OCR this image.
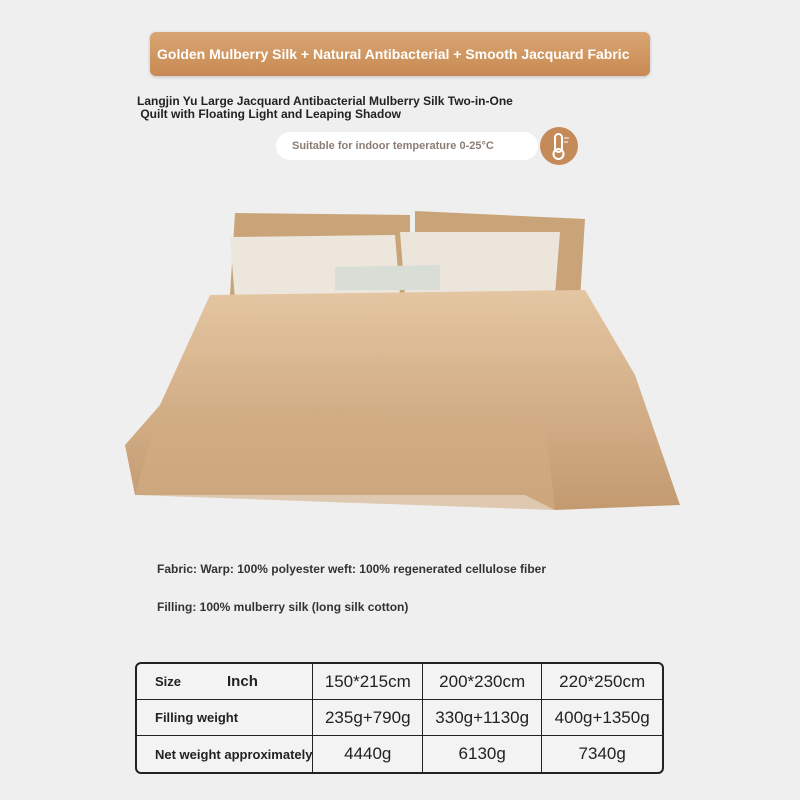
Golden Mulberry Silk + Natural Antibacterial + Smooth Jacquard Fabric
Langjin Yu Large Jacquard Antibacterial Mulberry Silk Two-in-One
Quilt with Floating Light and Leaping Shadow
Suitable for indoor temperature 0-25°C
Fabric: Warp: 100% polyester weft: 100% regenerated cellulose fiber
Filling: 100% mulberry silk (long silk cotton)
Size Inch	150*215cm	200*230cm	220*250cm
Filling weight	235g+790g	330g+1130g	400g+1350g
Net weight approximately	4440g	6130g	7340g
